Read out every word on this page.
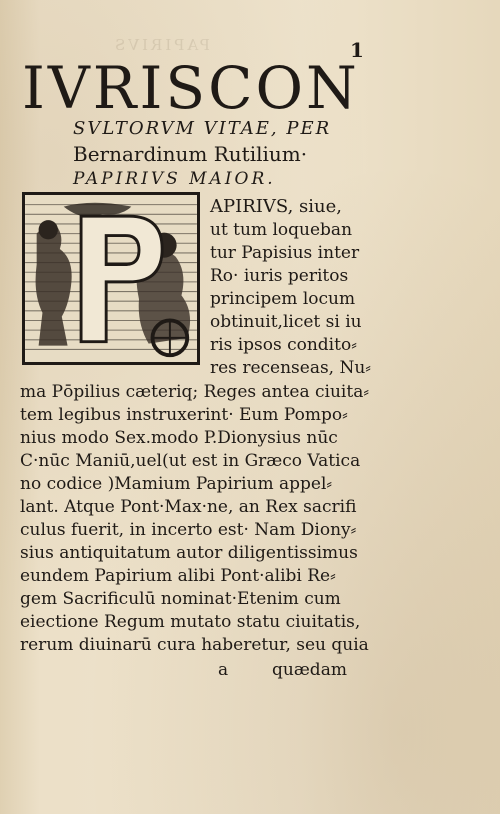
PAPIRIVS	1
IVRISCON
SVLTORVM VITAE, PER
Bernardinum Rutilium·
PAPIRIVS MAIOR.
APIRIVS, siue,
ut tum loqueban
tur Papisius inter
Ro· iuris peritos
principem locum
obtinuit,licet si iu
ris ipsos condito⸗
res recenseas, Nu⸗
ma Pōpilius cæteriq; Reges antea ciuita⸗
tem legibus instruxerint· Eum Pompo⸗
nius modo Sex.modo P.Dionysius nūc
C·nūc Maniū,uel(ut est in Græco Vatica
no codice )Mamium Papirium appel⸗
lant. Atque Pont·Max·ne, an Rex sacrifi
culus fuerit, in incerto est· Nam Diony⸗
sius antiquitatum autor diligentissimus
eundem Papirium alibi Pont·alibi Re⸗
gem Sacrificulū nominat·Etenim cum
eiectione Regum mutato statu ciuitatis,
rerum diuinarū cura haberetur, seu quia
a	quædam
